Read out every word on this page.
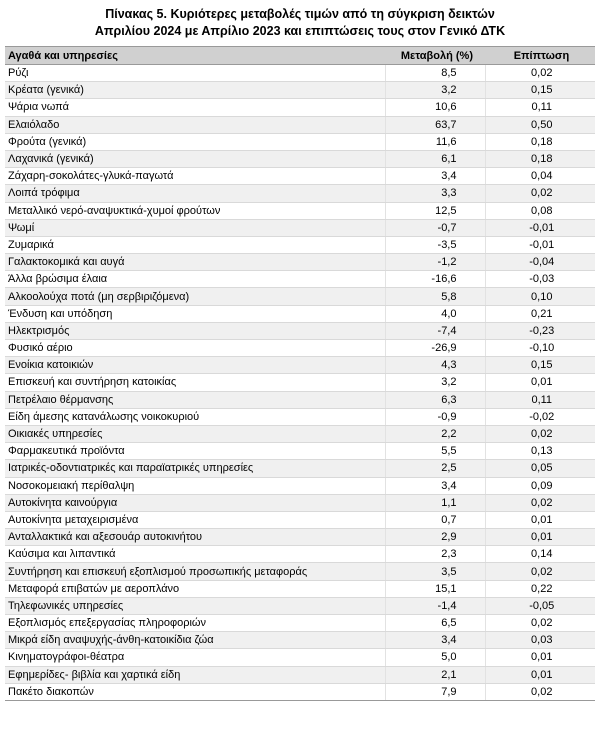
Πίνακας 5. Κυριότερες μεταβολές τιμών από τη σύγκριση δεικτών
Απριλίου 2024 με Απρίλιο 2023 και επιπτώσεις τους στον Γενικό ΔΤΚ
Αγαθά και υπηρεσίες	Μεταβολή (%)	Επίπτωση
Ρύζι	8,5	0,02
Κρέατα (γενικά)	3,2	0,15
Ψάρια νωπά	10,6	0,11
Ελαιόλαδο	63,7	0,50
Φρούτα (γενικά)	11,6	0,18
Λαχανικά (γενικά)	6,1	0,18
Ζάχαρη-σοκολάτες-γλυκά-παγωτά	3,4	0,04
Λοιπά τρόφιμα	3,3	0,02
Μεταλλικό νερό-αναψυκτικά-χυμοί φρούτων	12,5	0,08
Ψωμί	-0,7	-0,01
Ζυμαρικά	-3,5	-0,01
Γαλακτοκομικά και αυγά	-1,2	-0,04
Άλλα βρώσιμα έλαια	-16,6	-0,03
Αλκοολούχα ποτά (μη σερβιριζόμενα)	5,8	0,10
Ένδυση και υπόδηση	4,0	0,21
Ηλεκτρισμός	-7,4	-0,23
Φυσικό αέριο	-26,9	-0,10
Ενοίκια κατοικιών	4,3	0,15
Επισκευή και συντήρηση κατοικίας	3,2	0,01
Πετρέλαιο θέρμανσης	6,3	0,11
Είδη άμεσης κατανάλωσης νοικοκυριού	-0,9	-0,02
Οικιακές υπηρεσίες	2,2	0,02
Φαρμακευτικά προϊόντα	5,5	0,13
Ιατρικές-οδοντιατρικές και παραϊατρικές υπηρεσίες	2,5	0,05
Νοσοκομειακή περίθαλψη	3,4	0,09
Αυτοκίνητα καινούργια	1,1	0,02
Αυτοκίνητα μεταχειρισμένα	0,7	0,01
Ανταλλακτικά και αξεσουάρ αυτοκινήτου	2,9	0,01
Καύσιμα και λιπαντικά	2,3	0,14
Συντήρηση και επισκευή εξοπλισμού προσωπικής μεταφοράς	3,5	0,02
Μεταφορά επιβατών με αεροπλάνο	15,1	0,22
Τηλεφωνικές υπηρεσίες	-1,4	-0,05
Εξοπλισμός επεξεργασίας πληροφοριών	6,5	0,02
Μικρά είδη αναψυχής-άνθη-κατοικίδια ζώα	3,4	0,03
Κινηματογράφοι-θέατρα	5,0	0,01
Εφημερίδες- βιβλία και χαρτικά είδη	2,1	0,01
Πακέτο διακοπών	7,9	0,02
